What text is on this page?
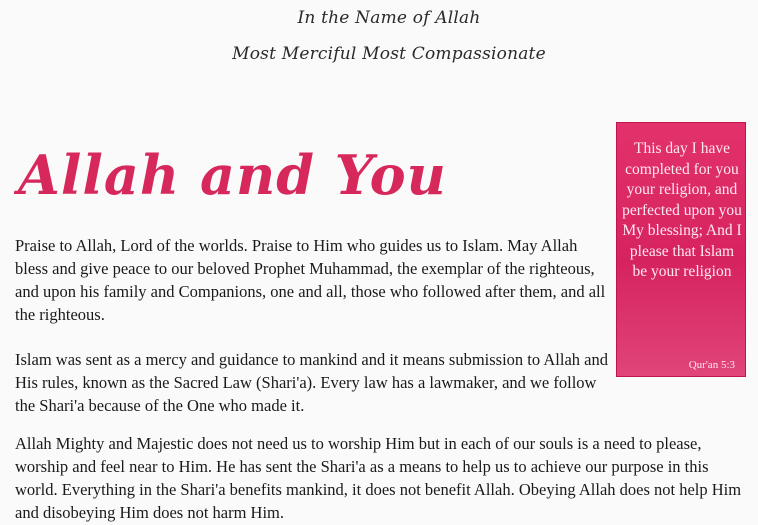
In the Name of Allah
Most Merciful Most Compassionate
Allah and You

Praise to Allah, Lord of the worlds. Praise to Him who guides us to Islam. May Allah bless and give peace to our beloved Prophet Muhammad, the exemplar of the righteous, and upon his family and Companions, one and all, those who followed after them, and all the righteous.

Islam was sent as a mercy and guidance to mankind and it means submission to Allah and His rules, known as the Sacred Law (Shari'a). Every law has a lawmaker, and we follow the Shari'a because of the One who made it.

Allah Mighty and Majestic does not need us to worship Him but in each of our souls is a need to please, worship and feel near to Him. He has sent the Shari'a as a means to help us to achieve our purpose in this world. Everything in the Shari'a benefits mankind, it does not benefit Allah. Obeying Allah does not help Him and disobeying Him does not harm Him.

This day I have completed for you your religion, and perfected upon you My blessing; And I please that Islam be your religion

Qur'an 5:3
